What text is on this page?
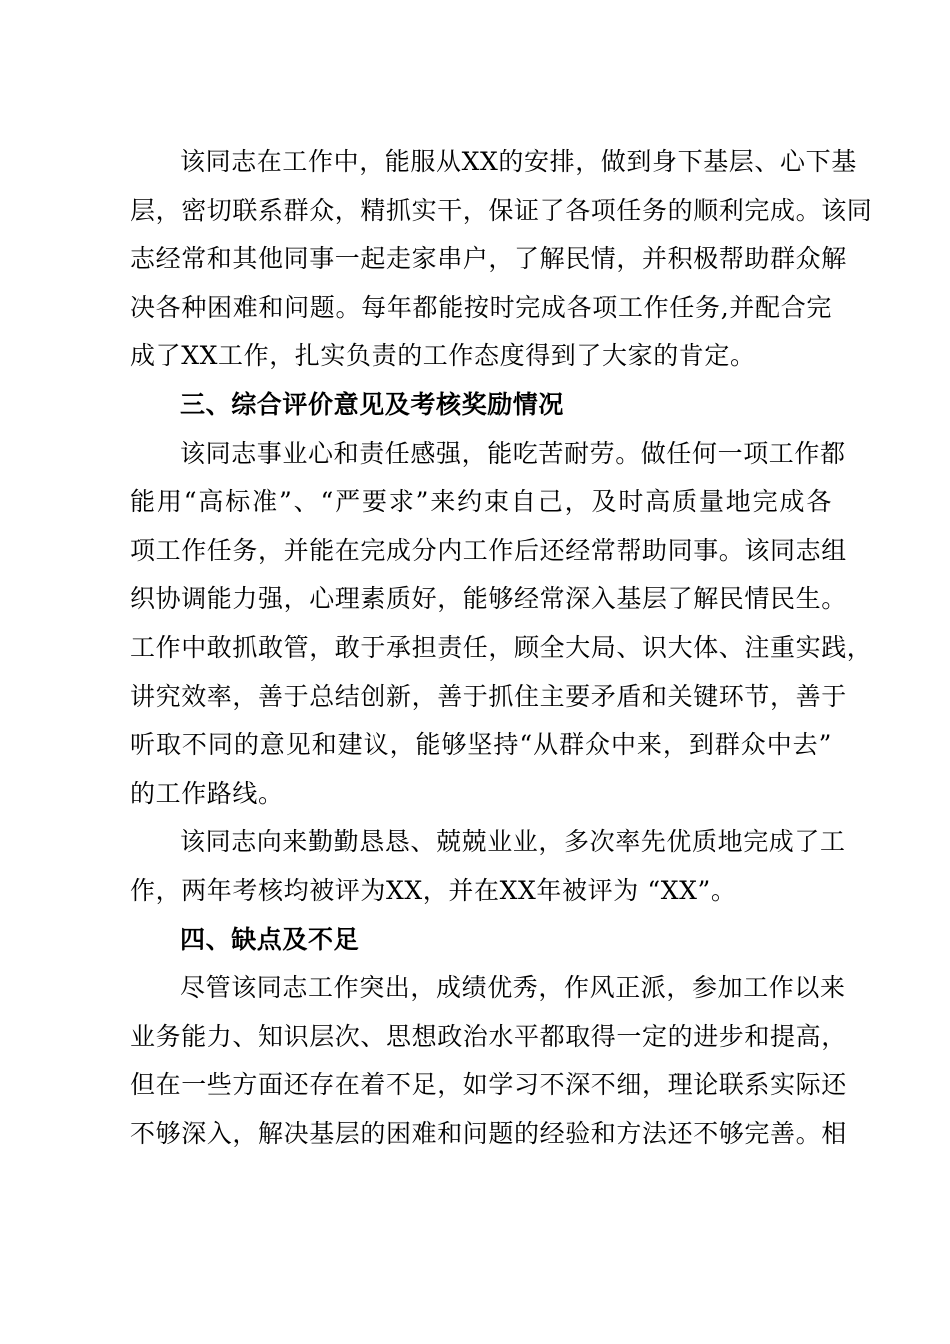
该同志在工作中，能服从XX的安排，做到身下基层、心下基
层，密切联系群众，精抓实干，保证了各项任务的顺利完成。该同
志经常和其他同事一起走家串户，了解民情，并积极帮助群众解
决各种困难和问题。每年都能按时完成各项工作任务,并配合完
成了XX工作，扎实负责的工作态度得到了大家的肯定。
三、综合评价意见及考核奖励情况
该同志事业心和责任感强，能吃苦耐劳。做任何一项工作都
能用“高标准”、“严要求”来约束自己，及时高质量地完成各
项工作任务，并能在完成分内工作后还经常帮助同事。该同志组
织协调能力强，心理素质好，能够经常深入基层了解民情民生。
工作中敢抓敢管，敢于承担责任，顾全大局、识大体、注重实践，
讲究效率，善于总结创新，善于抓住主要矛盾和关键环节，善于
听取不同的意见和建议，能够坚持“从群众中来，到群众中去”
的工作路线。
该同志向来勤勤恳恳、兢兢业业，多次率先优质地完成了工
作，两年考核均被评为XX，并在XX年被评为 “XX”。
四、缺点及不足
尽管该同志工作突出，成绩优秀，作风正派，参加工作以来
业务能力、知识层次、思想政治水平都取得一定的进步和提高，
但在一些方面还存在着不足，如学习不深不细，理论联系实际还
不够深入，解决基层的困难和问题的经验和方法还不够完善。相
